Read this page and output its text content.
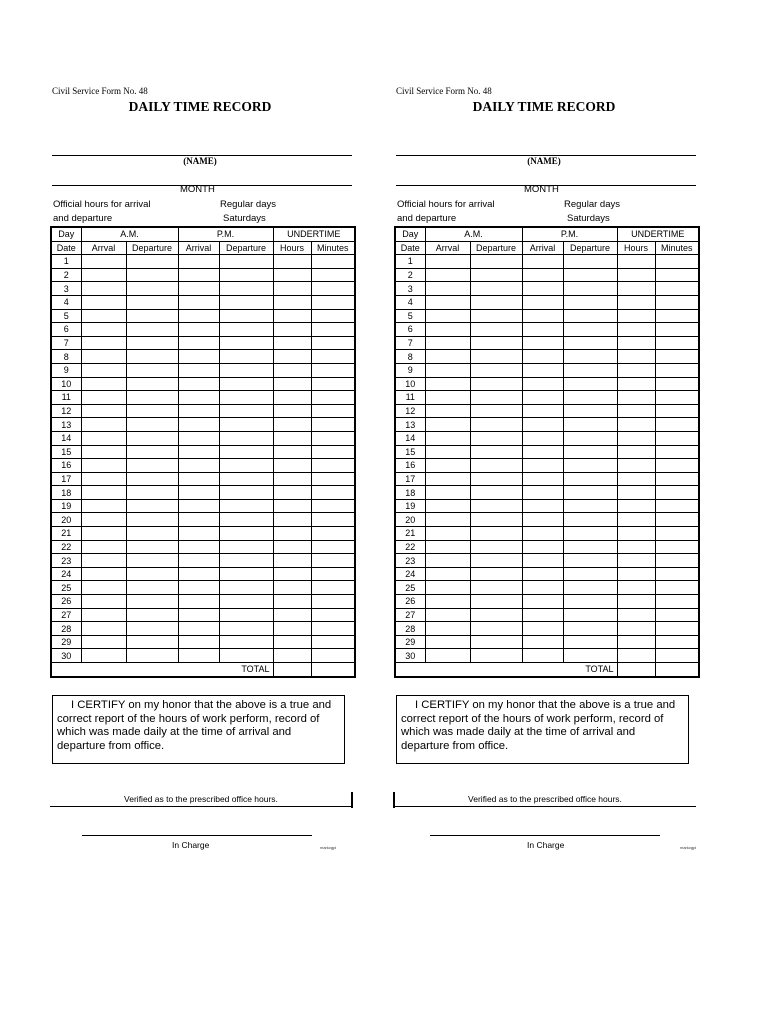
Civil Service Form No. 48
DAILY TIME RECORD
(NAME)
MONTH
Official hours for arrival	Regular days
and departure	Saturdays
Day	A.M.		P.M.		UNDERTIME	
Date	Arrval	Departure	Arrival	Departure	Hours	Minutes
1						
2						
3						
4						
5						
6						
7						
8						
9						
10						
11						
12						
13						
14						
15						
16						
17						
18						
19						
20						
21						
22						
23						
24						
25						
26						
27						
28						
29						
30						
TOTAL						
I CERTIFY on my honor that the above is a true and correct report of the hours of work perform, record of which was made daily at the time of arrival and departure from office.
Verified as to the prescribed office hours.
In Charge	markcgpi
Civil Service Form No. 48
DAILY TIME RECORD
(NAME)
MONTH
Official hours for arrival	Regular days
and departure	Saturdays
Day	A.M.		P.M.		UNDERTIME	
Date	Arrval	Departure	Arrival	Departure	Hours	Minutes
1						
2						
3						
4						
5						
6						
7						
8						
9						
10						
11						
12						
13						
14						
15						
16						
17						
18						
19						
20						
21						
22						
23						
24						
25						
26						
27						
28						
29						
30						
TOTAL						
I CERTIFY on my honor that the above is a true and correct report of the hours of work perform, record of which was made daily at the time of arrival and departure from office.
Verified as to the prescribed office hours.
In Charge	markcgpi
